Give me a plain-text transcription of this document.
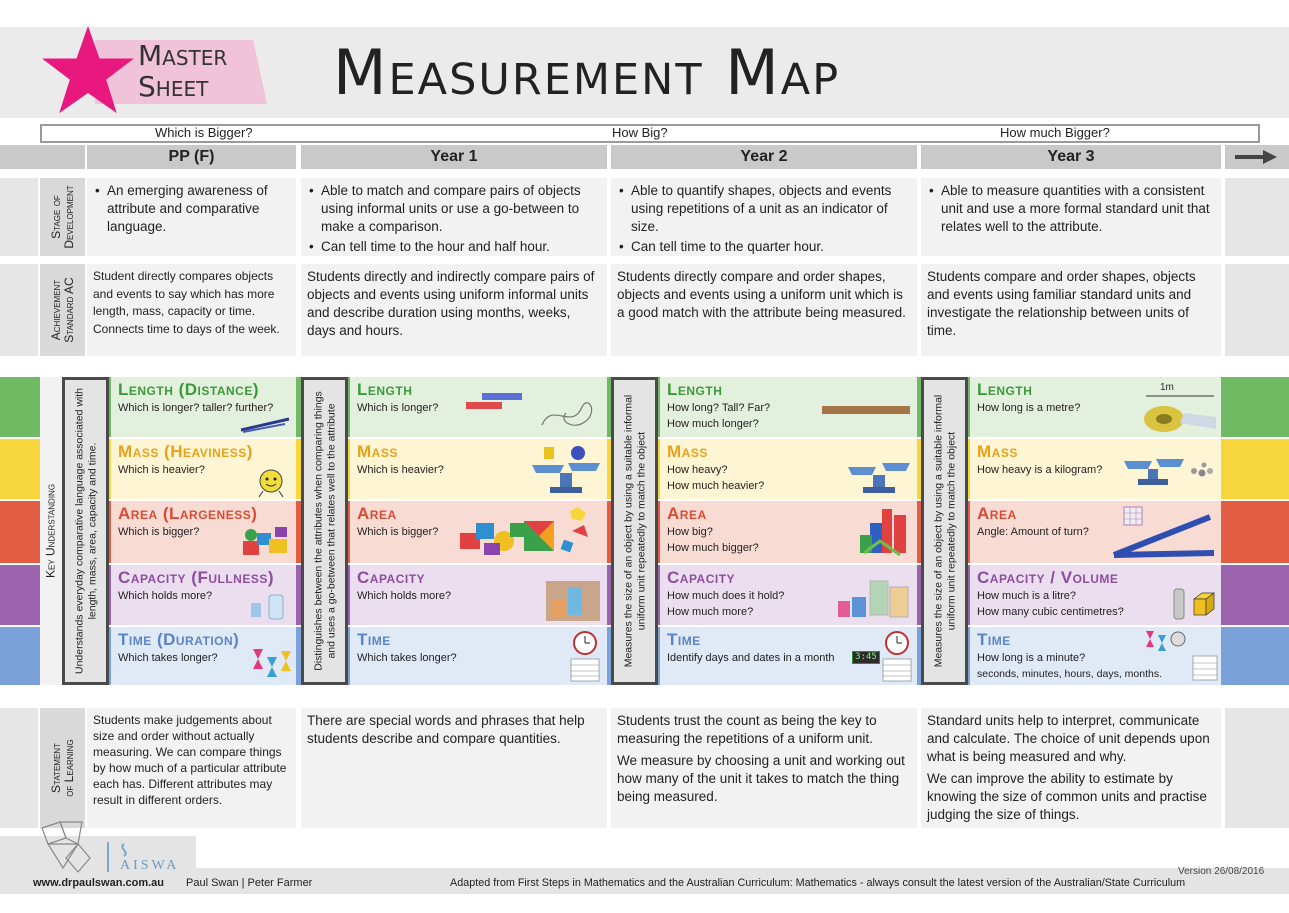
Master
Sheet	Measurement Map
Which is Bigger?	How Big?	How much Bigger?
PP (F)	Year 1	Year 2	Year 3
Stage of
Development
•	An emerging awareness of attribute and comparative language.
• Able to match and compare pairs of objects using informal units or use a go-between to make a comparison.
• Can tell time to the hour and half hour.
• Able to quantify shapes, objects and events using repetitions of a unit as an indicator of size.
• Can tell time to the quarter hour.
• Able to measure quantities with a consistent unit and use a more formal standard unit that relates well to the attribute.
Achievement
Standard AC
Student directly compares objects and events to say which has more length, mass, capacity or time.
Connects time to days of the week.
Students directly and indirectly compare pairs of objects and events using uniform informal units and describe duration using months, weeks, days and hours.
Students directly compare and order shapes, objects and events using a uniform unit which is a good match with the attribute being measured.
Students compare and order shapes, objects and events using familiar standard units and investigate the relationship between units of time.
Key Understanding Understands everyday comparative language associated with length, mass, area, capacity and time.	Distinguishes between the attributes when comparing things and uses a go-between that relates well to the attribute	Measures the size of an object by using a suitable informal uniform unit repeatedly to match the object	Measures the size of an object by using a suitable informal uniform unit repeatedly to match the object
Length (Distance)
Which is longer? taller? further?
Length
Which is longer?
Length
How long? Tall? Far?
How much longer?
Length
How long is a metre?
1m
Mass (Heaviness)
Which is heavier?
Mass
Which is heavier?
Mass
How heavy?
How much heavier?
Mass
How heavy is a kilogram?
Area (Largeness)
Which is bigger?
Area
Which is bigger?
Area
How big?
How much bigger?
Area
Angle: Amount of turn?
Capacity (Fullness)
Which holds more?
Capacity
Which holds more?
Capacity
How much does it hold?
How much more?
Capacity / Volume
How much is a litre?
How many cubic centimetres?
Time (Duration)
Which takes longer?
Time
Which takes longer?
Time
Identify days and dates in a month	3:45
Time
How long is a minute?
seconds, minutes, hours, days, months.
Statement
of Learning
Students make judgements about size and order without actually measuring. We can compare things by how much of a particular attribute each has. Different attributes may result in different orders.
There are special words and phrases that help students describe and compare quantities.

Students trust the count as being the key to measuring the repetitions of a uniform unit.

We measure by choosing a unit and working out how many of the unit it takes to match the thing being measured.

Standard units help to interpret, communicate and calculate. The choice of unit depends upon what is being measured and why.

We can improve the ability to estimate by knowing the size of common units and practise judging the size of things.

AISWA
www.drpaulswan.com.au Paul Swan | Peter Farmer
Version 26/08/2016
Adapted from First Steps in Mathematics and the Australian Curriculum: Mathematics - always consult the latest version of the Australian/State Curriculum
